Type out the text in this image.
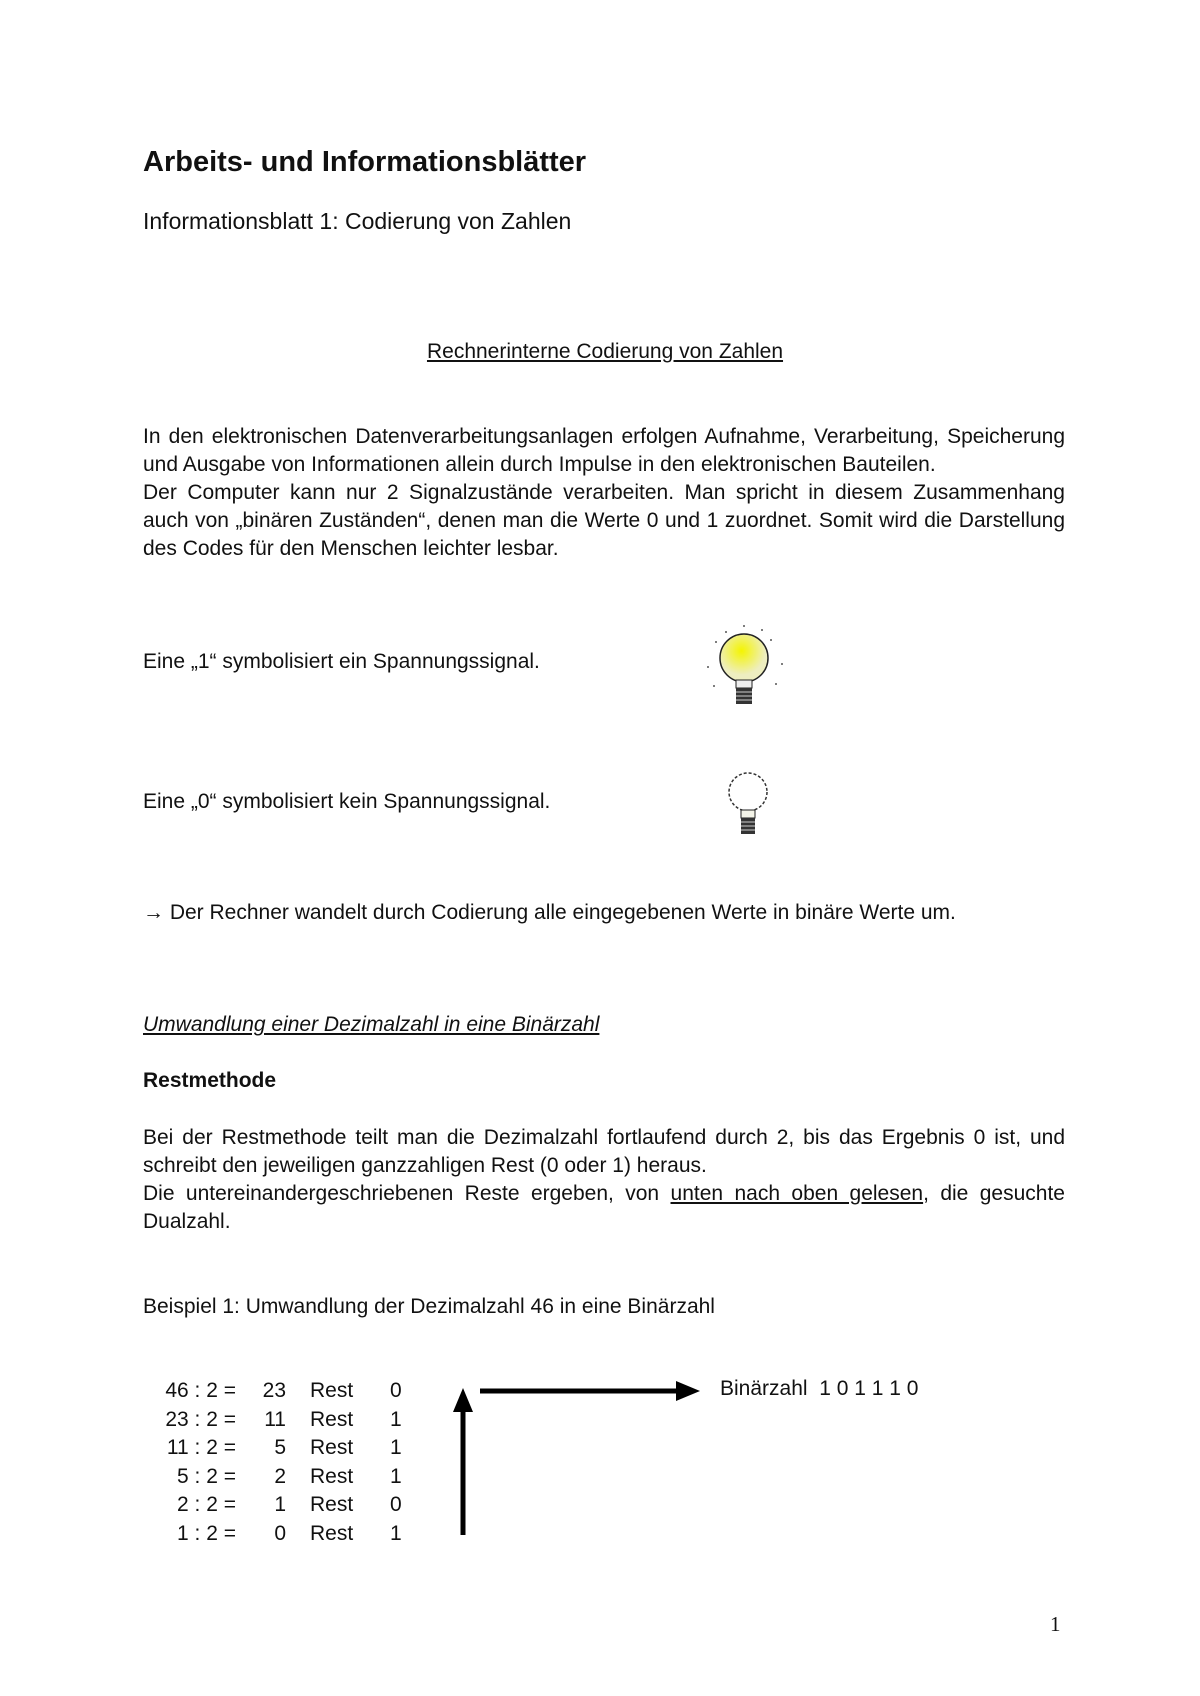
Arbeits- und Informationsblätter
Informationsblatt 1: Codierung von Zahlen
Rechnerinterne Codierung von Zahlen
In den elektronischen Datenverarbeitungsanlagen erfolgen Aufnahme, Verarbeitung, Speicherung und Ausgabe von Informationen allein durch Impulse in den elektronischen Bauteilen.
Der Computer kann nur 2 Signalzustände verarbeiten. Man spricht in diesem Zusammenhang auch von „binären Zuständen“, denen man die Werte 0 und 1 zuordnet. Somit wird die Darstellung des Codes für den Menschen leichter lesbar.
Eine „1“ symbolisiert ein Spannungssignal.
Eine „0“ symbolisiert kein Spannungssignal.
→ Der Rechner wandelt durch Codierung alle eingegebenen Werte in binäre Werte um.
Umwandlung einer Dezimalzahl in eine Binärzahl
Restmethode
Bei der Restmethode teilt man die Dezimalzahl fortlaufend durch 2, bis das Ergebnis 0 ist, und schreibt den jeweiligen ganzzahligen Rest (0 oder 1) heraus.
Die untereinandergeschriebenen Reste ergeben, von unten nach oben gelesen, die gesuchte Dualzahl.
Beispiel 1: Umwandlung der Dezimalzahl 46 in eine Binärzahl
46 : 2 = 23 Rest 0
23 : 2 = 11 Rest 1
11 : 2 = 5 Rest 1
5 : 2 = 2 Rest 1
2 : 2 = 1 Rest 0
1 : 2 = 0 Rest 1
Binärzahl  1 0 1 1 1 0
1
